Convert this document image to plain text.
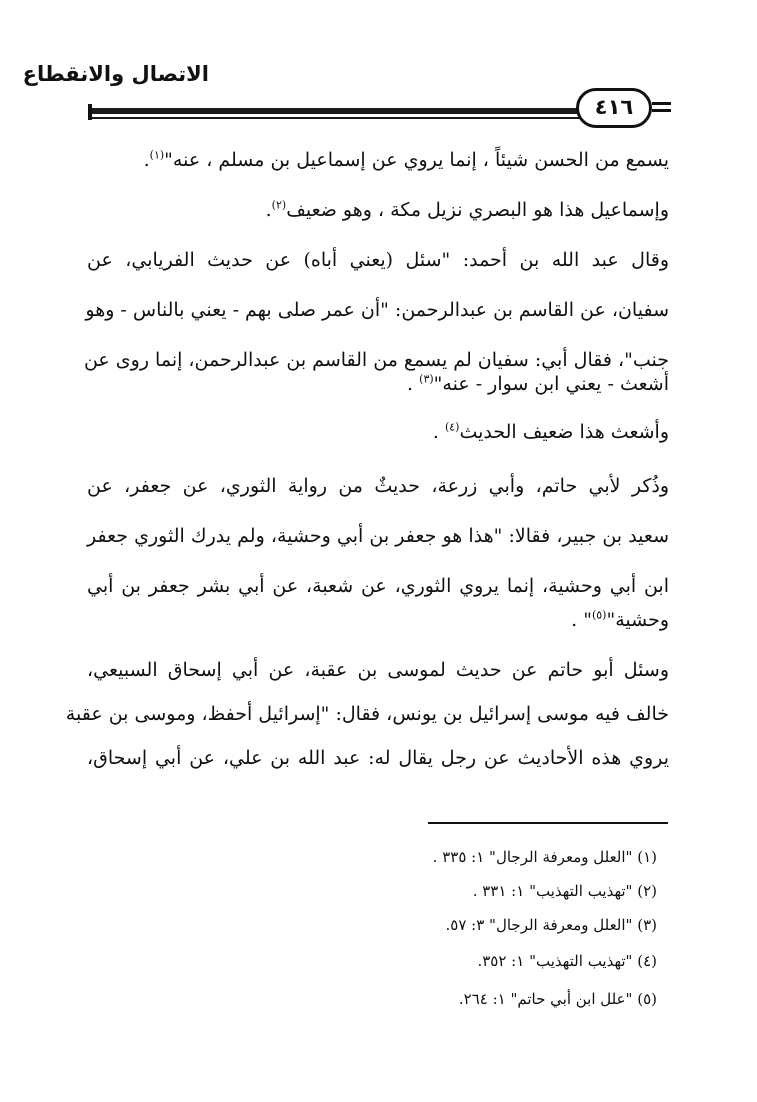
الاتصال والانقطاع
٤١٦
يسمع من الحسن شيئاً ، إنما يروي عن إسماعيل بن مسلم ، عنه"$^{(١)}$.
وإسماعيل هذا هو البصري نزيل مكة ، وهو ضعيف$^{(٢)}$.
وقال عبد الله بن أحمد: "سئل (يعني أباه) عن حديث الفريابي، عن
سفيان، عن القاسم بن عبدالرحمن: "أن عمر صلى بهم - يعني بالناس - وهو
جنب"، فقال أبي: سفيان لم يسمع من القاسم بن عبدالرحمن، إنما روى عن
أشعث - يعني ابن سوار - عنه"$^{(٣)}$ .
وأشعث هذا ضعيف الحديث$^{(٤)}$ .
وذُكر لأبي حاتم، وأبي زرعة، حديثٌ من رواية الثوري، عن جعفر، عن
سعيد بن جبير، فقالا: "هذا هو جعفر بن أبي وحشية، ولم يدرك الثوري جعفر
ابن أبي وحشية، إنما يروي الثوري، عن شعبة، عن أبي بشر جعفر بن أبي
وحشية"$^{(٥)}$" .
وسئل أبو حاتم عن حديث لموسى بن عقبة، عن أبي إسحاق السبيعي،
خالف فيه موسى إسرائيل بن يونس، فقال: "إسرائيل أحفظ، وموسى بن عقبة
يروي هذه الأحاديث عن رجل يقال له: عبد الله بن علي، عن أبي إسحاق،
(١) "العلل ومعرفة الرجال" ١: ٣٣٥ .
(٢) "تهذيب التهذيب" ١: ٣٣١ .
(٣) "العلل ومعرفة الرجال" ٣: ٥٧.
(٤) "تهذيب التهذيب" ١: ٣٥٢.
(٥) "علل ابن أبي حاتم" ١: ٢٦٤.
